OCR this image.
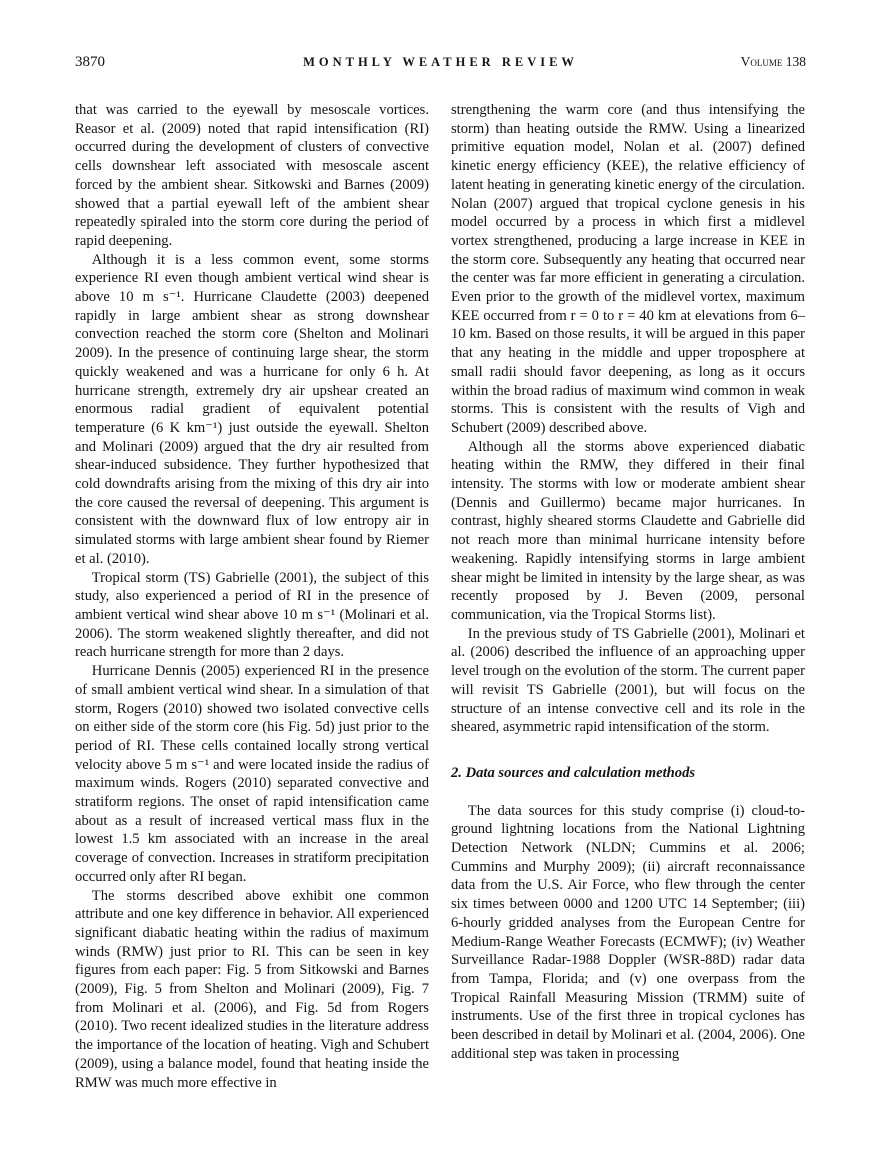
3870	MONTHLY WEATHER REVIEW	Volume 138

that was carried to the eyewall by mesoscale vortices. Reasor et al. (2009) noted that rapid intensification (RI) occurred during the development of clusters of convective cells downshear left associated with mesoscale ascent forced by the ambient shear. Sitkowski and Barnes (2009) showed that a partial eyewall left of the ambient shear repeatedly spiraled into the storm core during the period of rapid deepening.

Although it is a less common event, some storms experience RI even though ambient vertical wind shear is above 10 m s⁻¹. Hurricane Claudette (2003) deepened rapidly in large ambient shear as strong downshear convection reached the storm core (Shelton and Molinari 2009). In the presence of continuing large shear, the storm quickly weakened and was a hurricane for only 6 h. At hurricane strength, extremely dry air upshear created an enormous radial gradient of equivalent potential temperature (6 K km⁻¹) just outside the eyewall. Shelton and Molinari (2009) argued that the dry air resulted from shear-induced subsidence. They further hypothesized that cold downdrafts arising from the mixing of this dry air into the core caused the reversal of deepening. This argument is consistent with the downward flux of low entropy air in simulated storms with large ambient shear found by Riemer et al. (2010).

Tropical storm (TS) Gabrielle (2001), the subject of this study, also experienced a period of RI in the presence of ambient vertical wind shear above 10 m s⁻¹ (Molinari et al. 2006). The storm weakened slightly thereafter, and did not reach hurricane strength for more than 2 days.

Hurricane Dennis (2005) experienced RI in the presence of small ambient vertical wind shear. In a simulation of that storm, Rogers (2010) showed two isolated convective cells on either side of the storm core (his Fig. 5d) just prior to the period of RI. These cells contained locally strong vertical velocity above 5 m s⁻¹ and were located inside the radius of maximum winds. Rogers (2010) separated convective and stratiform regions. The onset of rapid intensification came about as a result of increased vertical mass flux in the lowest 1.5 km associated with an increase in the areal coverage of convection. Increases in stratiform precipitation occurred only after RI began.

The storms described above exhibit one common attribute and one key difference in behavior. All experienced significant diabatic heating within the radius of maximum winds (RMW) just prior to RI. This can be seen in key figures from each paper: Fig. 5 from Sitkowski and Barnes (2009), Fig. 5 from Shelton and Molinari (2009), Fig. 7 from Molinari et al. (2006), and Fig. 5d from Rogers (2010). Two recent idealized studies in the literature address the importance of the location of heating. Vigh and Schubert (2009), using a balance model, found that heating inside the RMW was much more effective in

strengthening the warm core (and thus intensifying the storm) than heating outside the RMW. Using a linearized primitive equation model, Nolan et al. (2007) defined kinetic energy efficiency (KEE), the relative efficiency of latent heating in generating kinetic energy of the circulation. Nolan (2007) argued that tropical cyclone genesis in his model occurred by a process in which first a midlevel vortex strengthened, producing a large increase in KEE in the storm core. Subsequently any heating that occurred near the center was far more efficient in generating a circulation. Even prior to the growth of the midlevel vortex, maximum KEE occurred from r = 0 to r = 40 km at elevations from 6–10 km. Based on those results, it will be argued in this paper that any heating in the middle and upper troposphere at small radii should favor deepening, as long as it occurs within the broad radius of maximum wind common in weak storms. This is consistent with the results of Vigh and Schubert (2009) described above.

Although all the storms above experienced diabatic heating within the RMW, they differed in their final intensity. The storms with low or moderate ambient shear (Dennis and Guillermo) became major hurricanes. In contrast, highly sheared storms Claudette and Gabrielle did not reach more than minimal hurricane intensity before weakening. Rapidly intensifying storms in large ambient shear might be limited in intensity by the large shear, as was recently proposed by J. Beven (2009, personal communication, via the Tropical Storms list).

In the previous study of TS Gabrielle (2001), Molinari et al. (2006) described the influence of an approaching upper level trough on the evolution of the storm. The current paper will revisit TS Gabrielle (2001), but will focus on the structure of an intense convective cell and its role in the sheared, asymmetric rapid intensification of the storm.

2. Data sources and calculation methods

The data sources for this study comprise (i) cloud-to-ground lightning locations from the National Lightning Detection Network (NLDN; Cummins et al. 2006; Cummins and Murphy 2009); (ii) aircraft reconnaissance data from the U.S. Air Force, who flew through the center six times between 0000 and 1200 UTC 14 September; (iii) 6-hourly gridded analyses from the European Centre for Medium-Range Weather Forecasts (ECMWF); (iv) Weather Surveillance Radar-1988 Doppler (WSR-88D) radar data from Tampa, Florida; and (v) one overpass from the Tropical Rainfall Measuring Mission (TRMM) suite of instruments. Use of the first three in tropical cyclones has been described in detail by Molinari et al. (2004, 2006). One additional step was taken in processing
